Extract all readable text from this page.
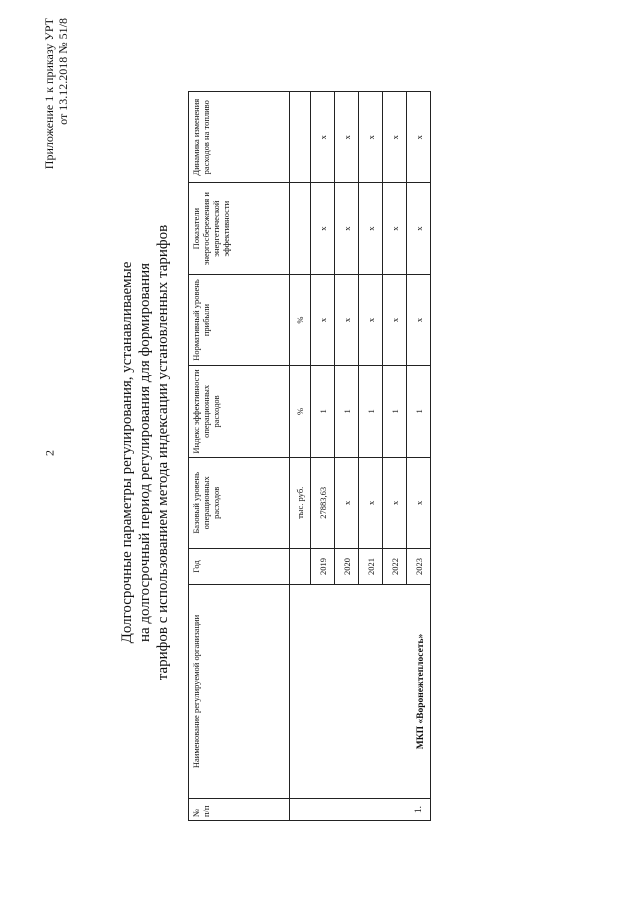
2
Приложение 1 к приказу УРТ от 13.12.2018 № 51/8
Долгосрочные параметры регулирования, устанавливаемые на долгосрочный период регулирования для формирования тарифов с использованием метода индексации установленных тарифов
№ п/п	Наименование регулируемой организации	Год	Базовый уровень операционных расходов	Индекс эффективности операционных расходов	Нормативный уровень прибыли	Показатели энергосбережения и энергетической эффективности	Динамика изменения расходов на топливо
1.	МКП «Воронежтеплосеть»		тыс. руб.	%	%		
		2019	27883,63	1	х	х	х
		2020	х	1	х	х	х
		2021	х	1	х	х	х
		2022	х	1	х	х	х
		2023	х	1	х	х	х
